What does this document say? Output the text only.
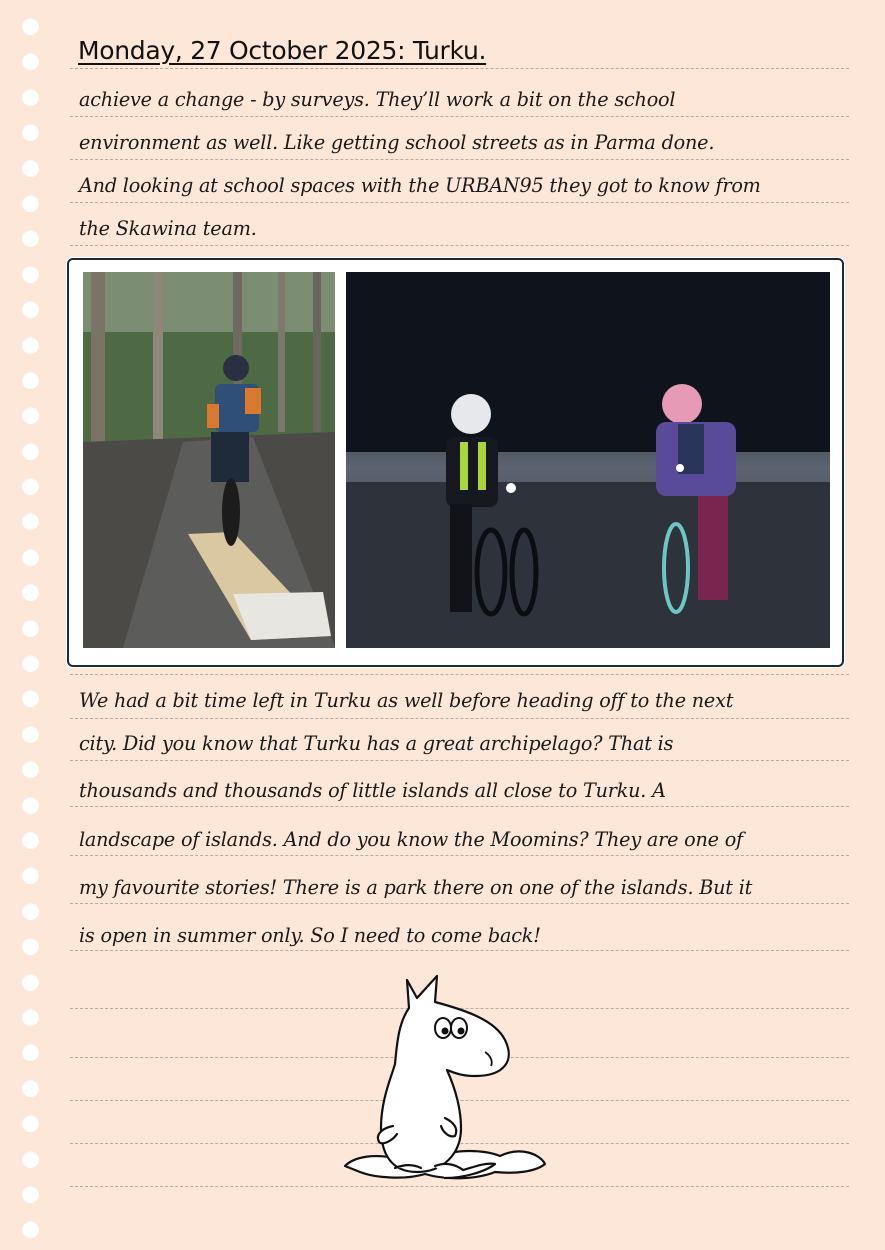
Monday, 27 October 2025: Turku.
achieve a change - by surveys. They’ll work a bit on the school
environment as well. Like getting school streets as in Parma done.
And looking at school spaces with the URBAN95 they got to know from
the Skawina team.
We had a bit time left in Turku as well before heading off to the next
city. Did you know that Turku has a great archipelago? That is
thousands and thousands of little islands all close to Turku. A
landscape of islands. And do you know the Moomins? They are one of
my favourite stories! There is a park there on one of the islands. But it
is open in summer only. So I need to come back!
